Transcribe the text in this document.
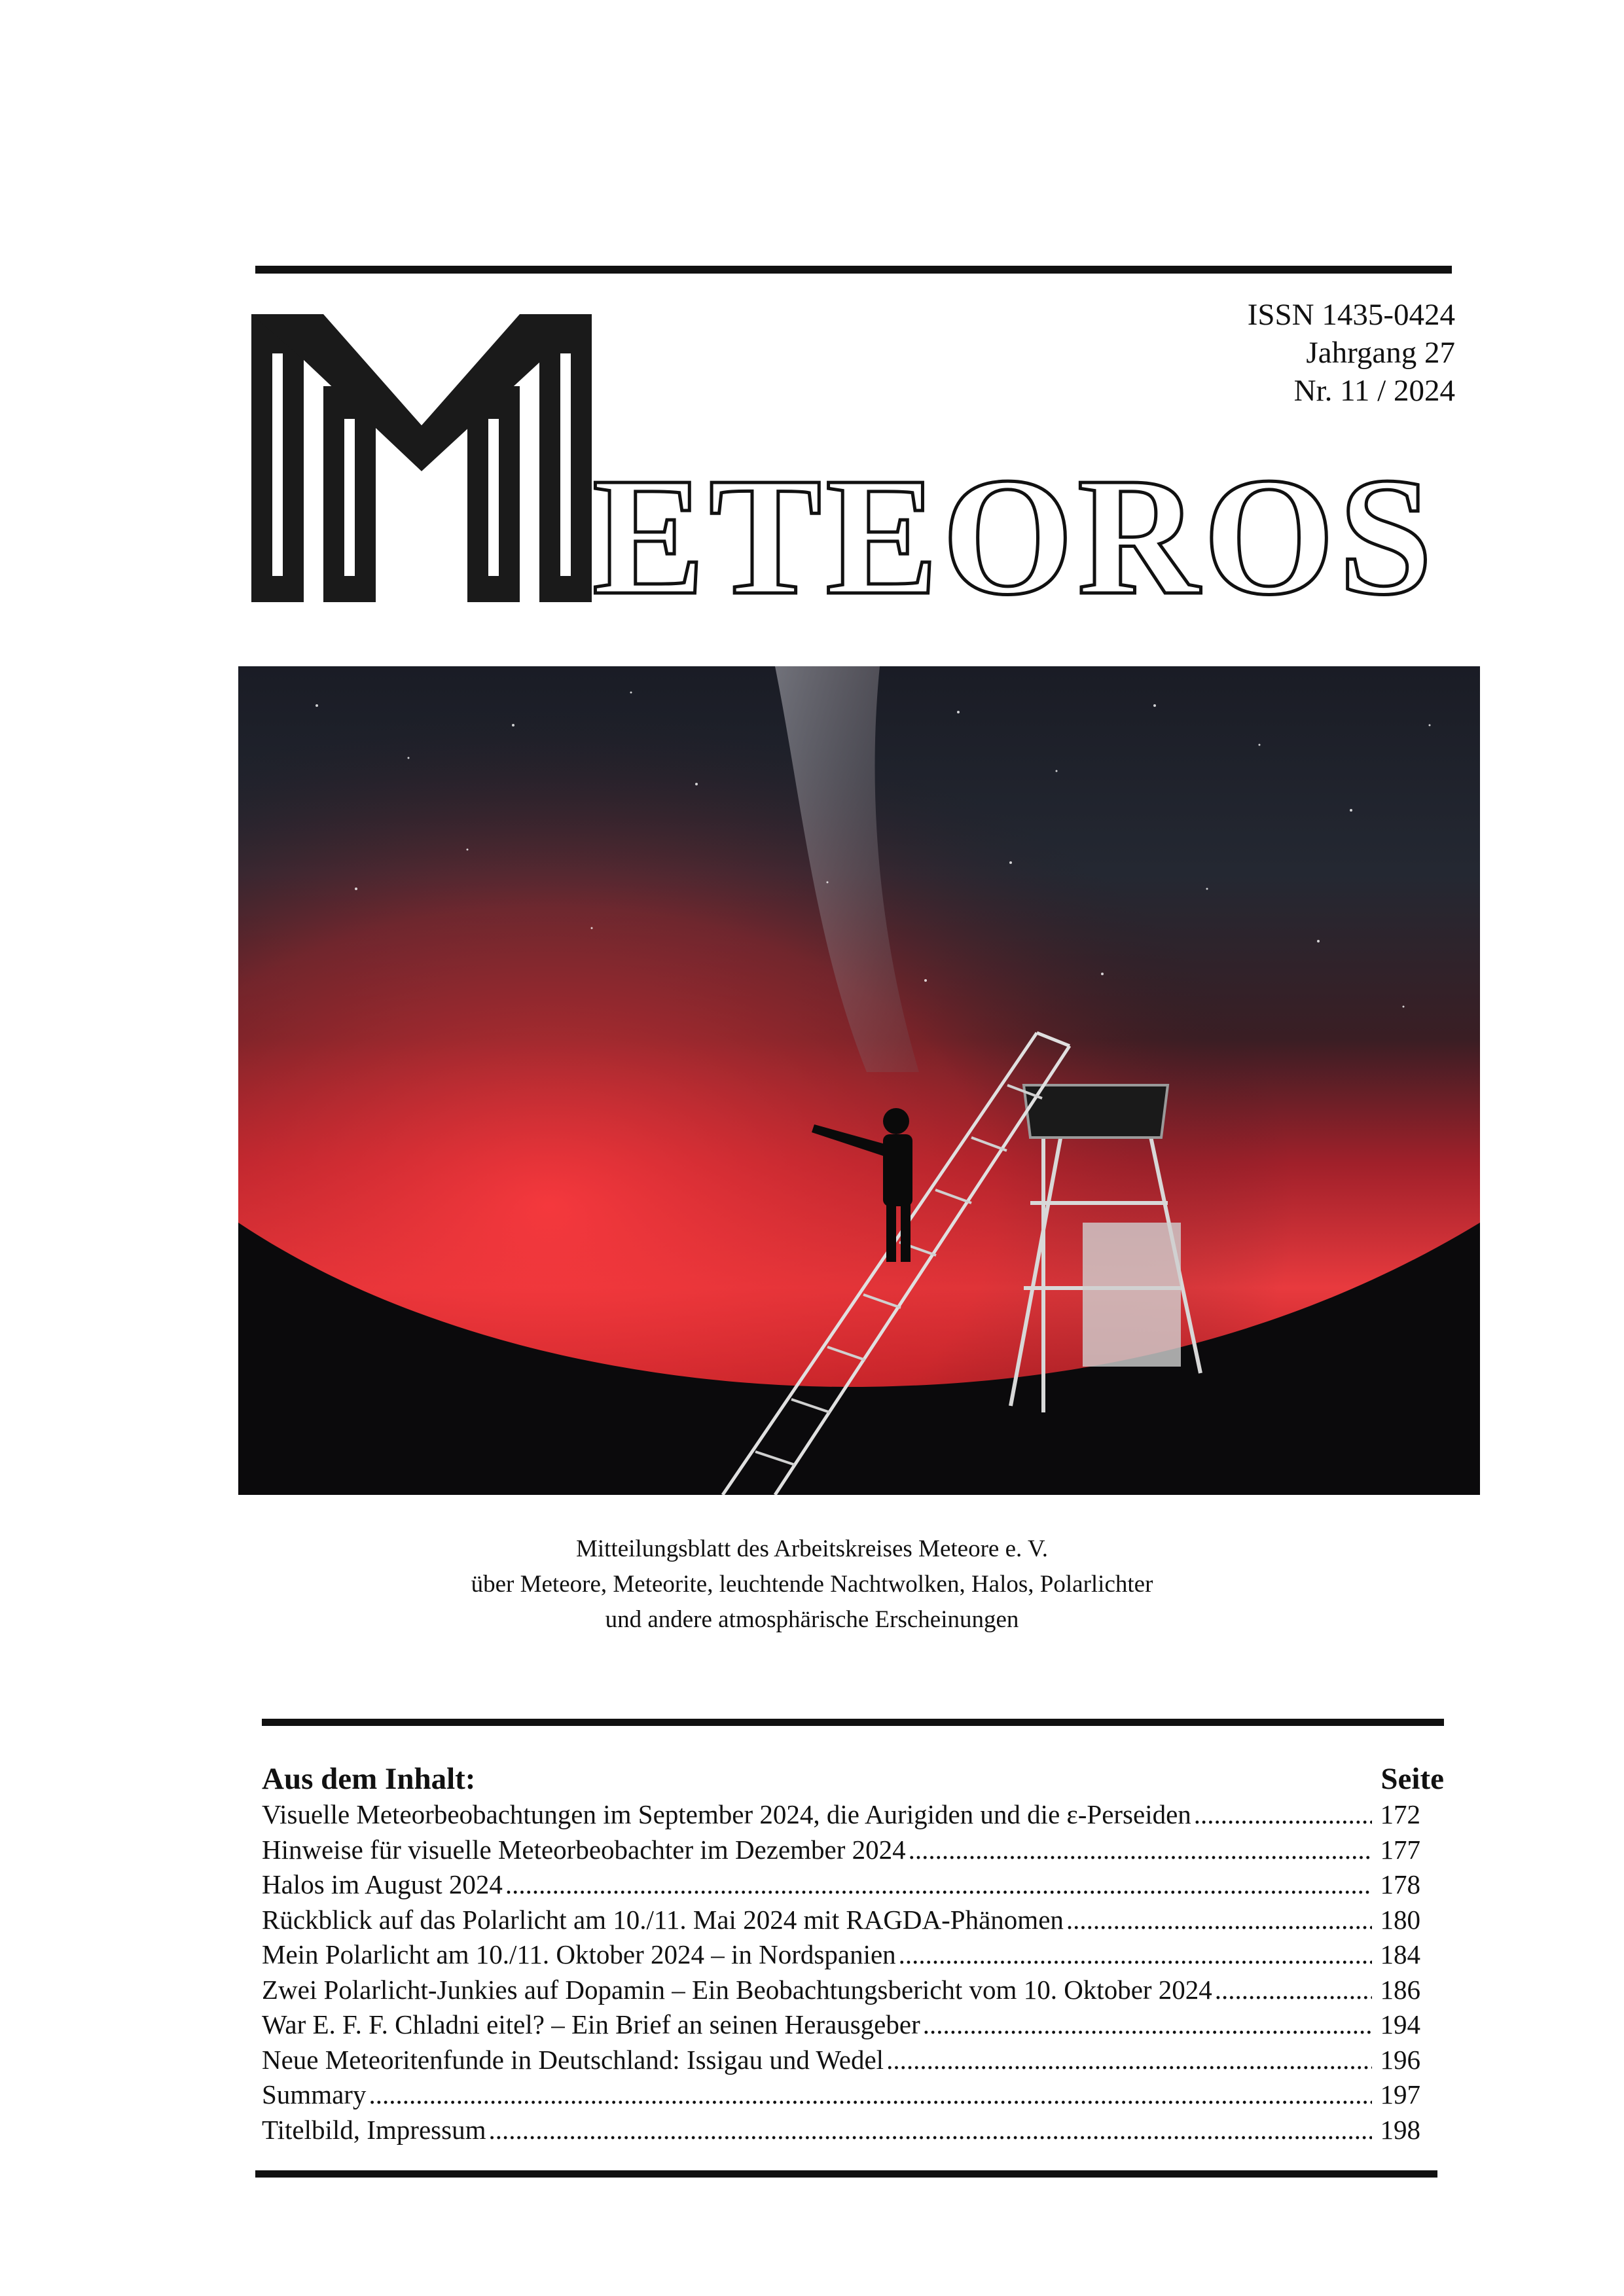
ISSN 1435-0424
Jahrgang 27
Nr. 11 / 2024
ETEOROS
Mitteilungsblatt des Arbeitskreises Meteore e. V.
über Meteore, Meteorite, leuchtende Nachtwolken, Halos, Polarlichter
und andere atmosphärische Erscheinungen
Aus dem Inhalt:	Seite
Visuelle Meteorbeobachtungen im September 2024, die Aurigiden und die ε-Perseiden .....	172
Hinweise für visuelle Meteorbeobachter im Dezember 2024 .....	177
Halos im August 2024 .....	178
Rückblick auf das Polarlicht am 10./11. Mai 2024 mit RAGDA-Phänomen .....	180
Mein Polarlicht am 10./11. Oktober 2024 – in Nordspanien .....	184
Zwei Polarlicht-Junkies auf Dopamin – Ein Beobachtungsbericht vom 10. Oktober 2024 .....	186
War E. F. F. Chladni eitel? – Ein Brief an seinen Herausgeber .....	194
Neue Meteoritenfunde in Deutschland: Issigau und Wedel .....	196
Summary .....	197
Titelbild, Impressum .....	198
